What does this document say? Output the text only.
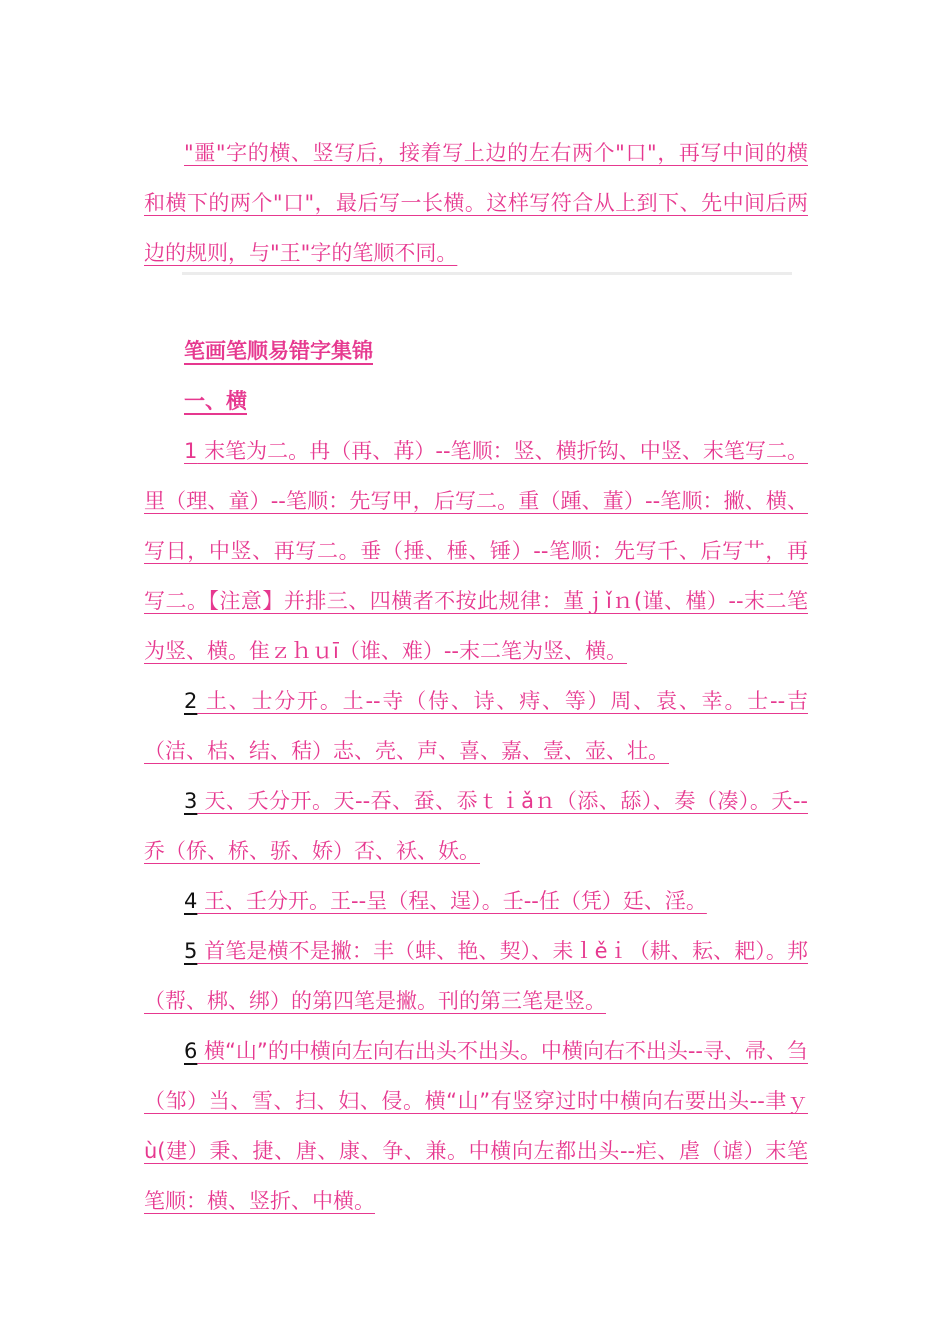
"噩"字的横、竖写后，接着写上边的左右两个"口"，再写中间的横和横下的两个"口"，最后写一长横。这样写符合从上到下、先中间后两边的规则，与"王"字的笔顺不同。

笔画笔顺易错字集锦
一、横

1 末笔为二。冉（再、苒）--笔顺：竖、横折钩、中竖、末笔写二。里（理、童）--笔顺：先写甲，后写二。重（踵、董）--笔顺：撇、横、写日，中竖、再写二。垂（捶、棰、锤）--笔顺：先写千、后写艹，再写二。【注意】并排三、四横者不按此规律：堇ｊǐｎ(谨、槿）--末二笔为竖、横。隹ｚｈｕī（谁、难）--末二笔为竖、横。

2 土、士分开。土--寺（侍、诗、痔、等）周、袁、幸。士--吉（洁、桔、结、秸）志、壳、声、喜、嘉、壹、壶、壮。

3 天、夭分开。天--吞、蚕、忝ｔｉǎｎ（添、舔）、奏（凑）。夭--乔（侨、桥、骄、娇）否、袄、妖。

4 王、壬分开。王--呈（程、逞）。壬--任（凭）廷、淫。

5 首笔是横不是撇：丰（蚌、艳、契）、耒ｌěｉ（耕、耘、耙）。邦（帮、梆、绑）的第四笔是撇。刊的第三笔是竖。

6 横“山”的中横向左向右出头不出头。中横向右不出头--寻、帚、刍（邹）当、雪、扫、妇、侵。横“山”有竖穿过时中横向右要出头--聿ｙù(建）秉、捷、唐、康、争、兼。中横向左都出头--疟、虐（谑）末笔笔顺：横、竖折、中横。
